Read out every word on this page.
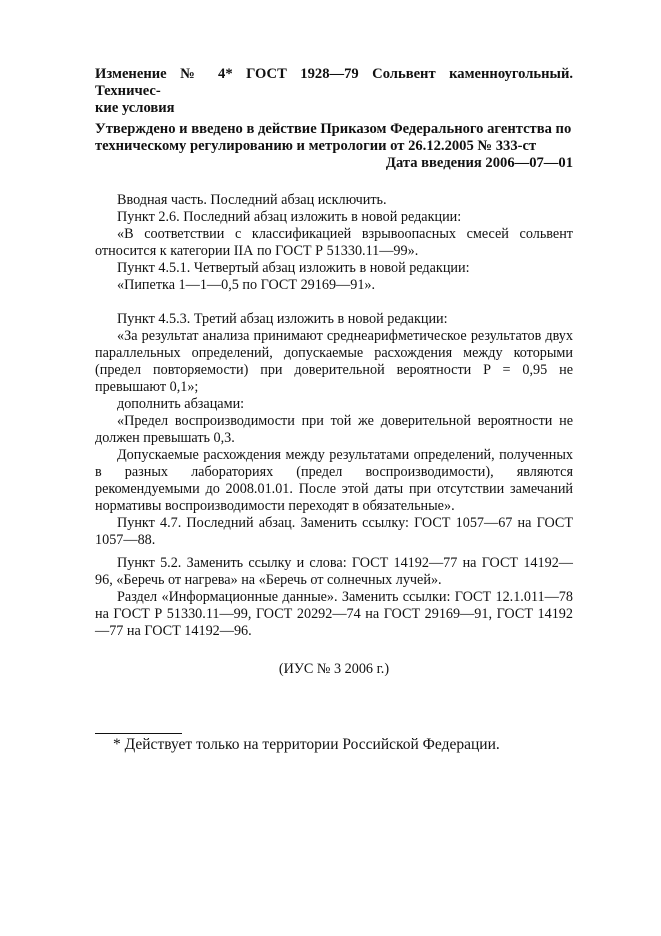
Изменение № 4* ГОСТ 1928—79 Сольвент каменноугольный. Техничес-
кие условия

Утверждено и введено в действие Приказом Федерального агентства по
техническому регулированию и метрологии от 26.12.2005 № 333-ст

Дата введения 2006—07—01

Вводная часть. Последний абзац исключить.

Пункт 2.6. Последний абзац изложить в новой редакции:

«В соответствии с классификацией взрывоопасных смесей сольвент относится к категории IIА по ГОСТ Р 51330.11—99».

Пункт 4.5.1. Четвертый абзац изложить в новой редакции:

«Пипетка 1—1—0,5 по ГОСТ 29169—91».

Пункт 4.5.3. Третий абзац изложить в новой редакции:

«За результат анализа принимают среднеарифметическое результатов двух параллельных определений, допускаемые расхождения между которыми (предел повторяемости) при доверительной вероятности P = 0,95 не превышают 0,1»;

дополнить абзацами:

«Предел воспроизводимости при той же доверительной вероятности не должен превышать 0,3.

Допускаемые расхождения между результатами определений, полученных в разных лабораториях (предел воспроизводимости), являются рекомендуемыми до 2008.01.01. После этой даты при отсутствии замечаний нормативы воспроизводимости переходят в обязательные».

Пункт 4.7. Последний абзац. Заменить ссылку: ГОСТ 1057—67 на ГОСТ 1057—88.

Пункт 5.2. Заменить ссылку и слова: ГОСТ 14192—77 на ГОСТ 14192—96, «Беречь от нагрева» на «Беречь от солнечных лучей».

Раздел «Информационные данные». Заменить ссылки: ГОСТ 12.1.011—78 на ГОСТ Р 51330.11—99, ГОСТ 20292—74 на ГОСТ 29169—91, ГОСТ 14192—77 на ГОСТ 14192—96.

(ИУС № 3 2006 г.)

* Действует только на территории Российской Федерации.
